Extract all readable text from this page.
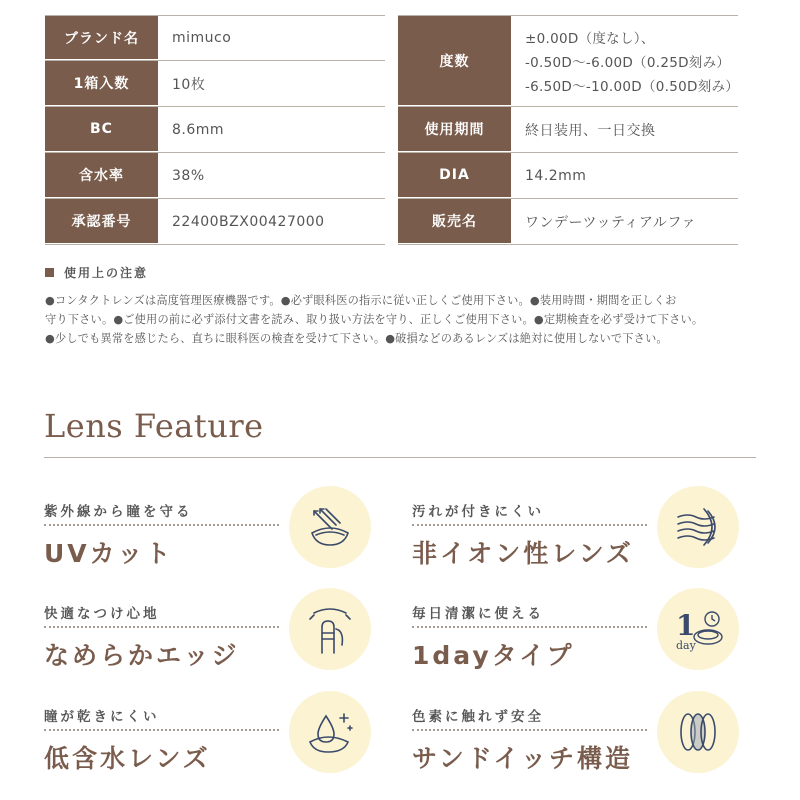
ブランド名	mimuco
1箱入数	10枚
BC	8.6mm
含水率	38%
承認番号	22400BZX00427000
度数
±0.00D（度なし）、
-0.50D～-6.00D（0.25D刻み）
-6.50D～-10.00D（0.50D刻み）
使用期間	終日装用、一日交換
DIA	14.2mm
販売名	ワンデーツッティアルファ
使用上の注意
●コンタクトレンズは高度管理医療機器です。●必ず眼科医の指示に従い正しくご使用下さい。●装用時間・期間を正しくお
守り下さい。●ご使用の前に必ず添付文書を読み、取り扱い方法を守り、正しくご使用下さい。●定期検査を必ず受けて下さい。
●少しでも異常を感じたら、直ちに眼科医の検査を受けて下さい。●破損などのあるレンズは絶対に使用しないで下さい。
Lens Feature
紫外線から瞳を守る
UVカット
汚れが付きにくい
非イオン性レンズ
快適なつけ心地
なめらかエッジ
毎日清潔に使える
1dayタイプ
1
day
瞳が乾きにくい
低含水レンズ
色素に触れず安全
サンドイッチ構造
